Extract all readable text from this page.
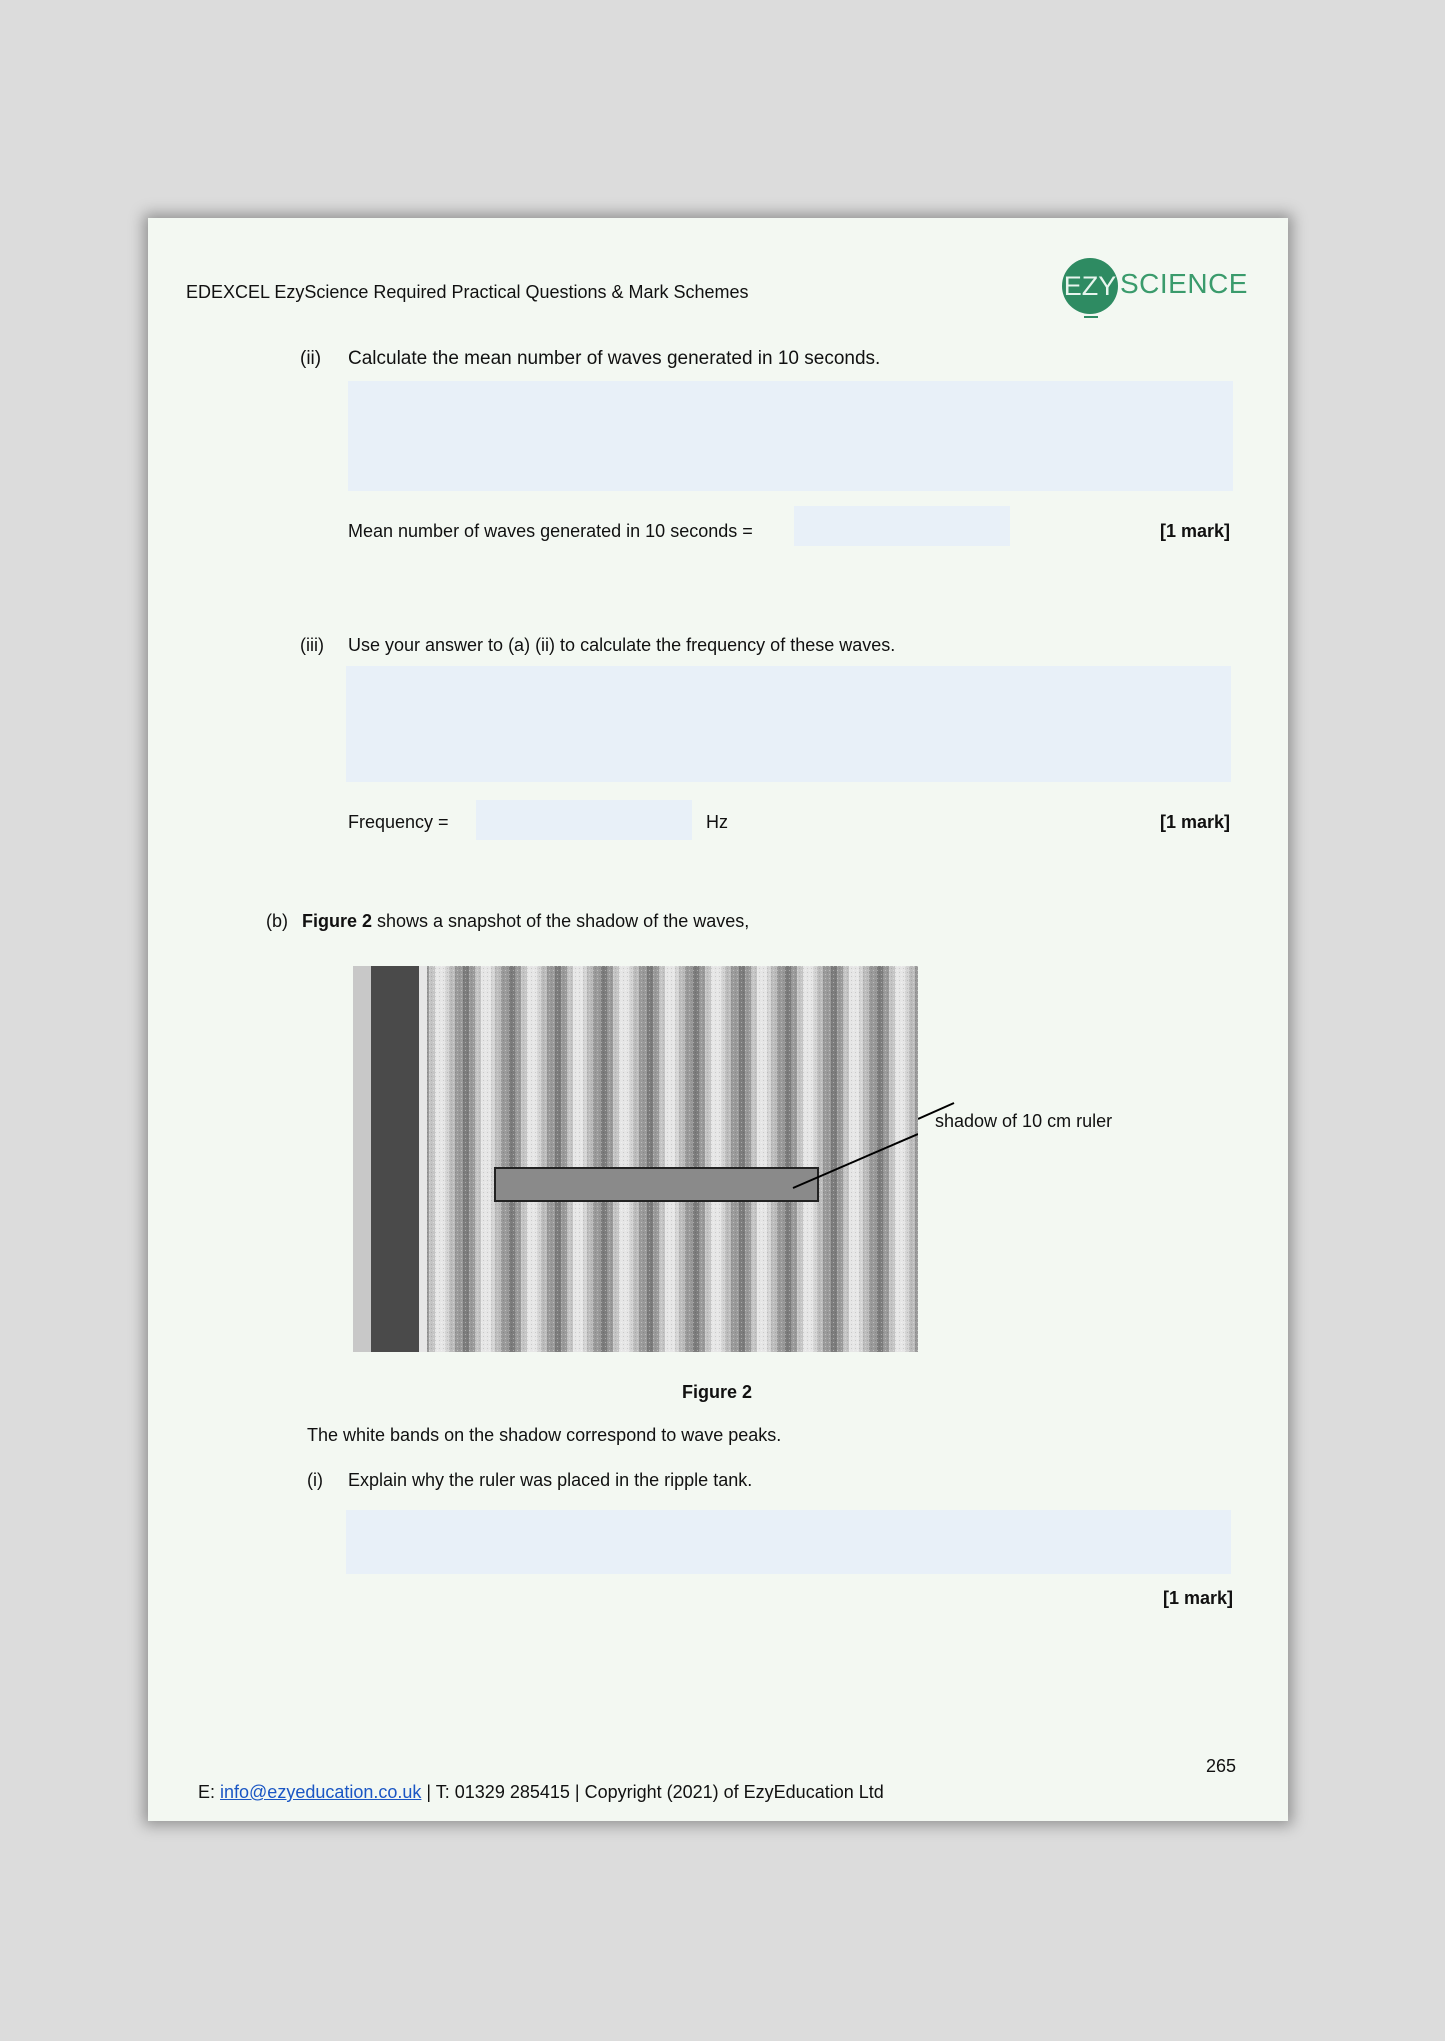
EDEXCEL EzyScience Required Practical Questions & Mark Schemes	EZY SCIENCE
(ii) Calculate the mean number of waves generated in 10 seconds.
Mean number of waves generated in 10 seconds =	[1 mark]
(iii) Use your answer to (a) (ii) to calculate the frequency of these waves.
Frequency =	Hz	[1 mark]
(b) Figure 2 shows a snapshot of the shadow of the waves,
shadow of 10 cm ruler
Figure 2
The white bands on the shadow correspond to wave peaks.
(i) Explain why the ruler was placed in the ripple tank.
[1 mark]
265
E: info@ezyeducation.co.uk | T: 01329 285415 | Copyright (2021) of EzyEducation Ltd
